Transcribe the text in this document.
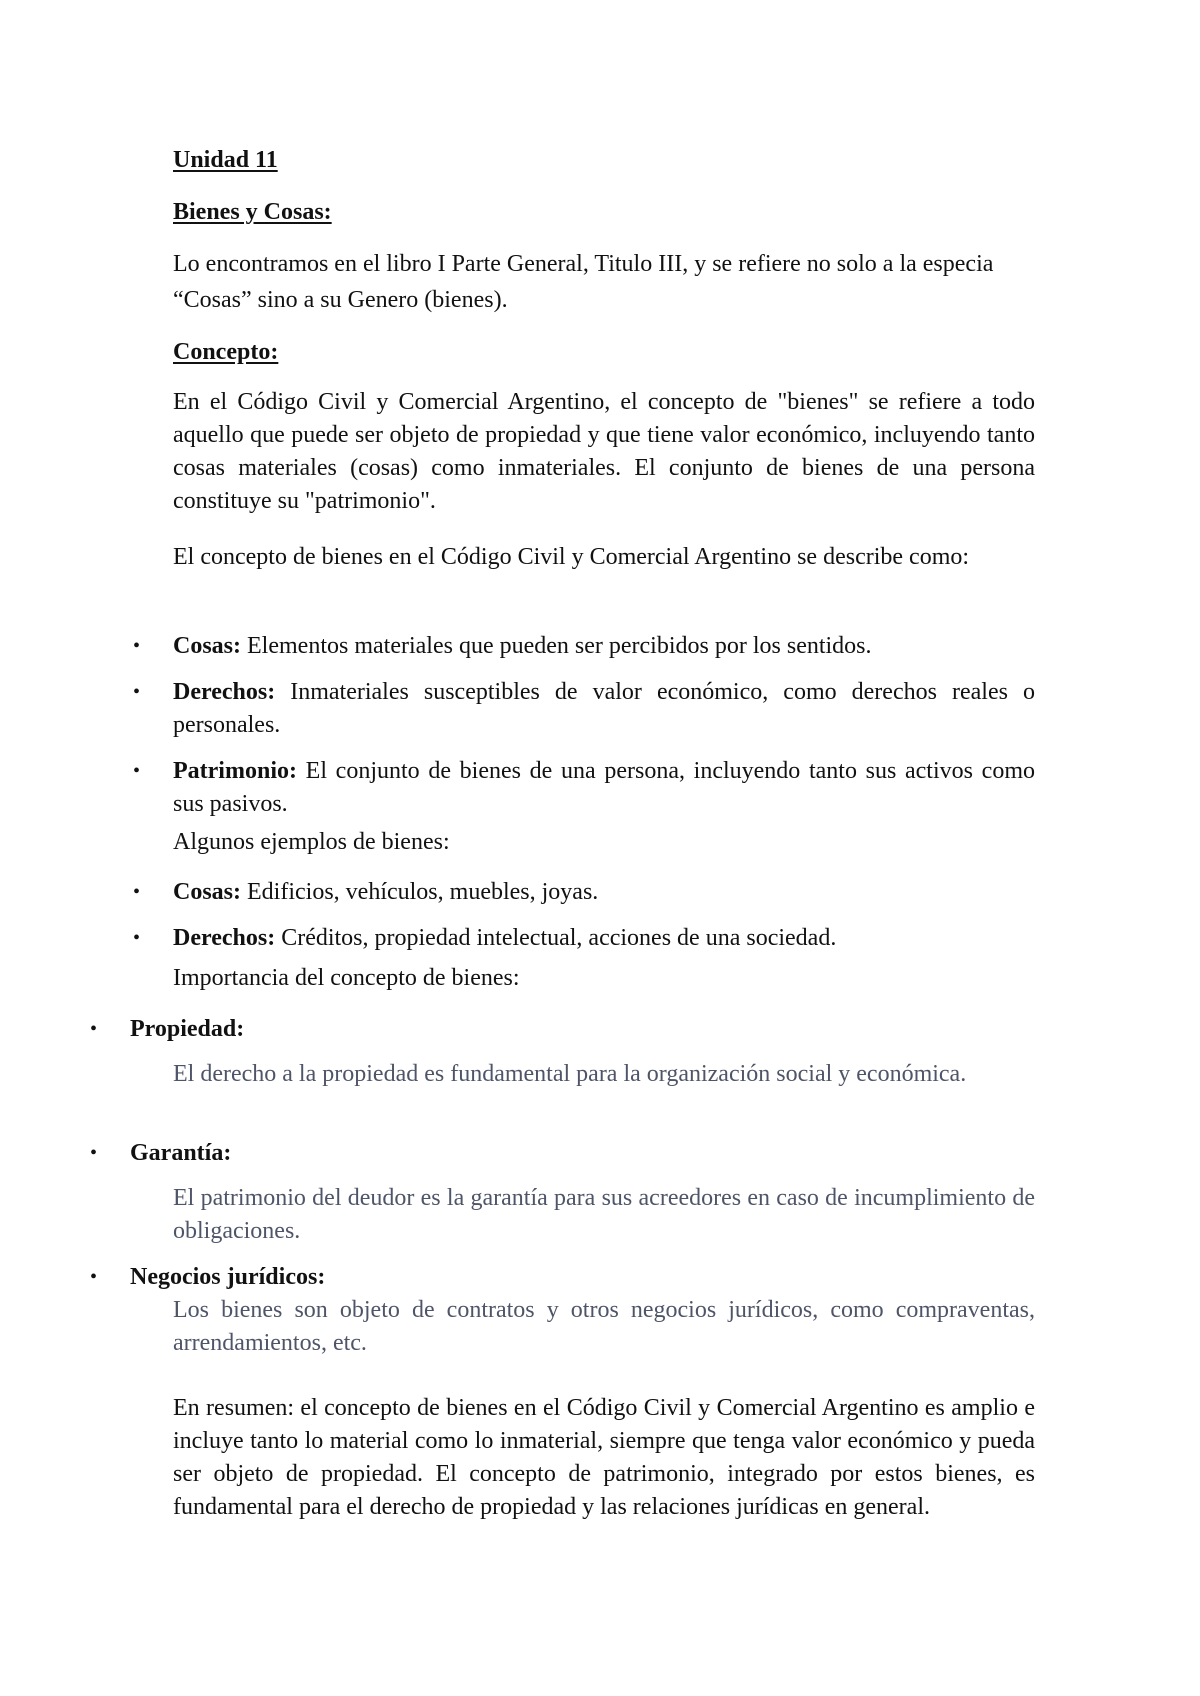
Unidad 11

Bienes y Cosas:

Lo encontramos en el libro I Parte General, Titulo III, y se refiere no solo a la especia “Cosas” sino a su Genero (bienes).

Concepto:

En el Código Civil y Comercial Argentino, el concepto de "bienes" se refiere a todo aquello que puede ser objeto de propiedad y que tiene valor económico, incluyendo tanto cosas materiales (cosas) como inmateriales. El conjunto de bienes de una persona constituye su "patrimonio".

El concepto de bienes en el Código Civil y Comercial Argentino se describe como:

• Cosas: Elementos materiales que pueden ser percibidos por los sentidos.

• Derechos: Inmateriales susceptibles de valor económico, como derechos reales o personales.

• Patrimonio: El conjunto de bienes de una persona, incluyendo tanto sus activos como sus pasivos.

Algunos ejemplos de bienes:

• Cosas: Edificios, vehículos, muebles, joyas.

• Derechos: Créditos, propiedad intelectual, acciones de una sociedad.

Importancia del concepto de bienes:

• Propiedad:

El derecho a la propiedad es fundamental para la organización social y económica.

• Garantía:

El patrimonio del deudor es la garantía para sus acreedores en caso de incumplimiento de obligaciones.

• Negocios jurídicos:

Los bienes son objeto de contratos y otros negocios jurídicos, como compraventas, arrendamientos, etc.

En resumen: el concepto de bienes en el Código Civil y Comercial Argentino es amplio e incluye tanto lo material como lo inmaterial, siempre que tenga valor económico y pueda ser objeto de propiedad. El concepto de patrimonio, integrado por estos bienes, es fundamental para el derecho de propiedad y las relaciones jurídicas en general.
